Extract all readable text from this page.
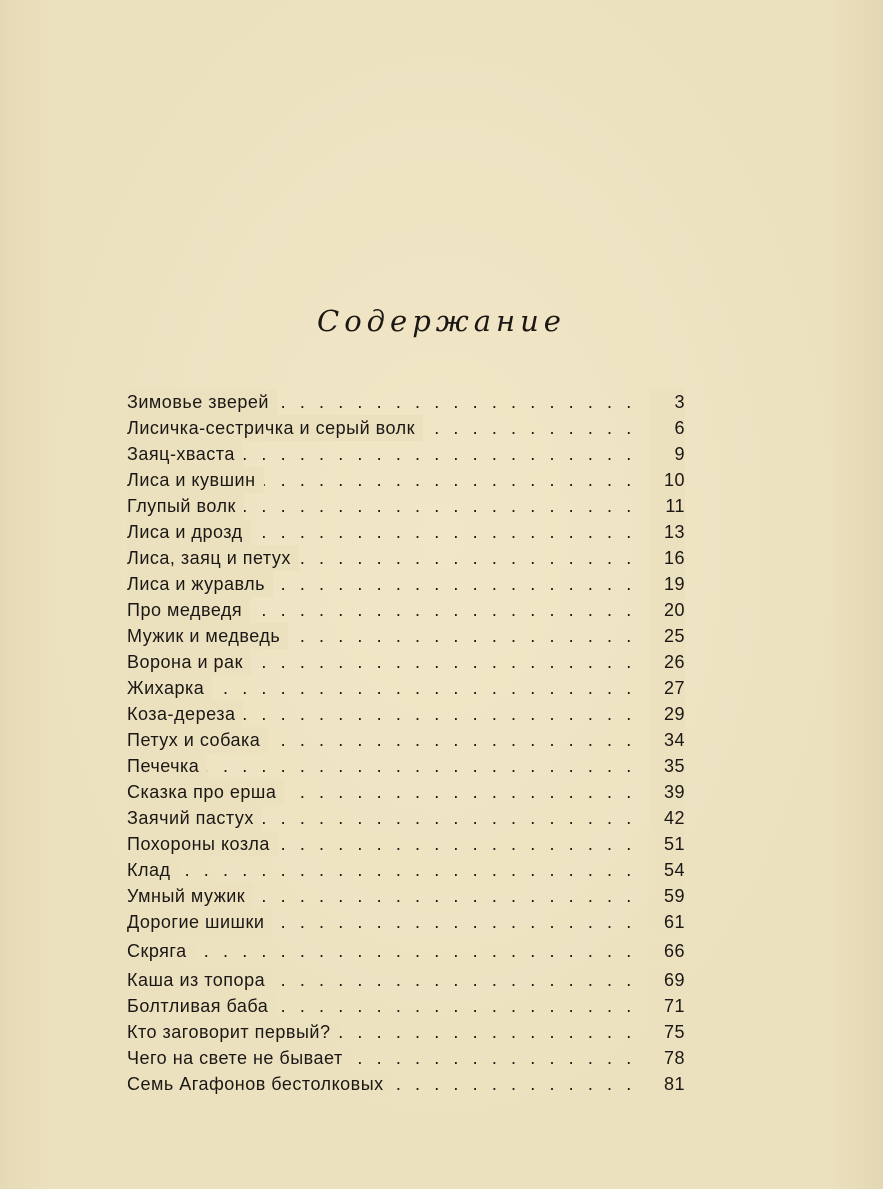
Содержание
. . .
Зимовье зверей	3
. . .
Лисичка-сестричка и серый волк	6
. . .
Заяц-хваста	9
. . .
Лиса и кувшин	10
. . .
Глупый волк	11
. . .
Лиса и дрозд	13
. . .
Лиса, заяц и петух	16
. . .
Лиса и журавль	19
. . .
Про медведя	20
. . .
Мужик и медведь	25
. . .
Ворона и рак	26
. . .
Жихарка	27
. . .
Коза-дереза	29
. . .
Петух и собака	34
. . .
Печечка	35
. . .
Сказка про ерша	39
. . .
Заячий пастух	42
. . .
Похороны козла	51
. . .
Клад	54
. . .
Умный мужик	59
. . .
Дорогие шишки	61
. . .
Скряга	66
. . .
Каша из топора	69
. . .
Болтливая баба	71
. . .
Кто заговорит первый?	75
. . .
Чего на свете не бывает	78
. . .
Семь Агафонов бестолковых	81
